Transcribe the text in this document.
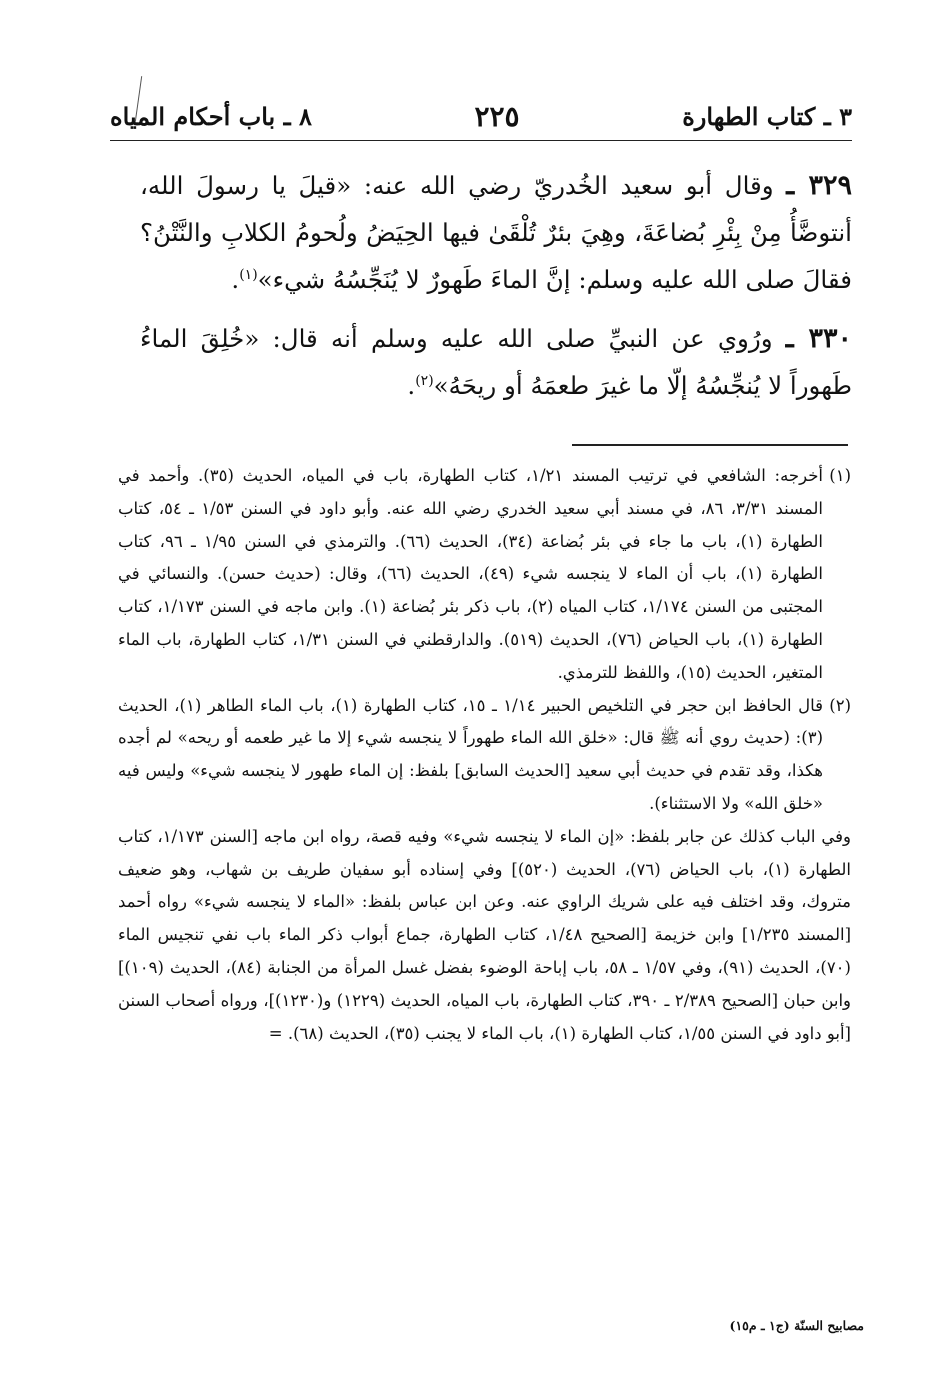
٣ ـ كتاب الطهارة
٢٢٥
٨ ـ باب أحكام المياه

٣٢٩ ـ وقال أبو سعيد الخُدريّ رضي الله عنه: «قيلَ يا رسولَ الله، أنتوضَّأُ مِنْ بِئْرِ بُضاعَةَ، وهِيَ بئرٌ تُلْقَىٰ فيها الحِيَضُ ولُحومُ الكلابِ والنَّتْنُ؟ فقالَ صلى الله عليه وسلم: إنَّ الماءَ طَهورٌ لا يُنَجِّسُهُ شيء»$^{(١)}$.

٣٣٠ ـ ورُوي عن النبيِّ صلى الله عليه وسلم أنه قال: «خُلِقَ الماءُ طَهوراً لا يُنجِّسُهُ إلّا ما غيرَ طعمَهُ أو ريحَهُ»$^{(٢)}$.

(١)
أخرجه: الشافعي في ترتيب المسند ١/٢١، كتاب الطهارة، باب في المياه، الحديث (٣٥). وأحمد في المسند ٣/٣١، ٨٦، في مسند أبي سعيد الخدري رضي الله عنه. وأبو داود في السنن ١/٥٣ ـ ٥٤، كتاب الطهارة (١)، باب ما جاء في بئر بُضاعة (٣٤)، الحديث (٦٦). والترمذي في السنن ١/٩٥ ـ ٩٦، كتاب الطهارة (١)، باب أن الماء لا ينجسه شيء (٤٩)، الحديث (٦٦)، وقال: (حديث حسن). والنسائي في المجتبى من السنن ١/١٧٤، كتاب المياه (٢)، باب ذكر بئر بُضاعة (١). وابن ماجه في السنن ١/١٧٣، كتاب الطهارة (١)، باب الحياض (٧٦)، الحديث (٥١٩). والدارقطني في السنن ١/٣١، كتاب الطهارة، باب الماء المتغير، الحديث (١٥)، واللفظ للترمذي.
(٢)
قال الحافظ ابن حجر في التلخيص الحبير ١/١٤ ـ ١٥، كتاب الطهارة (١)، باب الماء الطاهر (١)، الحديث (٣): (حديث روي أنه ﷺ قال: «خلق الله الماء طهوراً لا ينجسه شيء إلا ما غير طعمه أو ريحه» لم أجده هكذا، وقد تقدم في حديث أبي سعيد [الحديث السابق] بلفظ: إن الماء طهور لا ينجسه شيء» وليس فيه «خلق الله» ولا الاستثناء).

وفي الباب كذلك عن جابر بلفظ: «إن الماء لا ينجسه شيء» وفيه قصة، رواه ابن ماجه [السنن ١/١٧٣، كتاب الطهارة (١)، باب الحياض (٧٦)، الحديث (٥٢٠)] وفي إسناده أبو سفيان طريف بن شهاب، وهو ضعيف متروك، وقد اختلف فيه على شريك الراوي عنه. وعن ابن عباس بلفظ: «الماء لا ينجسه شيء» رواه أحمد [المسند ١/٢٣٥] وابن خزيمة [الصحيح ١/٤٨، كتاب الطهارة، جماع أبواب ذكر الماء باب نفي تنجيس الماء (٧٠)، الحديث (٩١)، وفي ١/٥٧ ـ ٥٨، باب إباحة الوضوء بفضل غسل المرأة من الجنابة (٨٤)، الحديث (١٠٩)] وابن حبان [الصحيح ٢/٣٨٩ ـ ٣٩٠، كتاب الطهارة، باب المياه، الحديث (١٢٢٩) و(١٢٣٠)]، ورواه أصحاب السنن [أبو داود في السنن ١/٥٥، كتاب الطهارة (١)، باب الماء لا يجنب (٣٥)، الحديث (٦٨). =

مصابيح السنّة (ج١ ـ م١٥)
